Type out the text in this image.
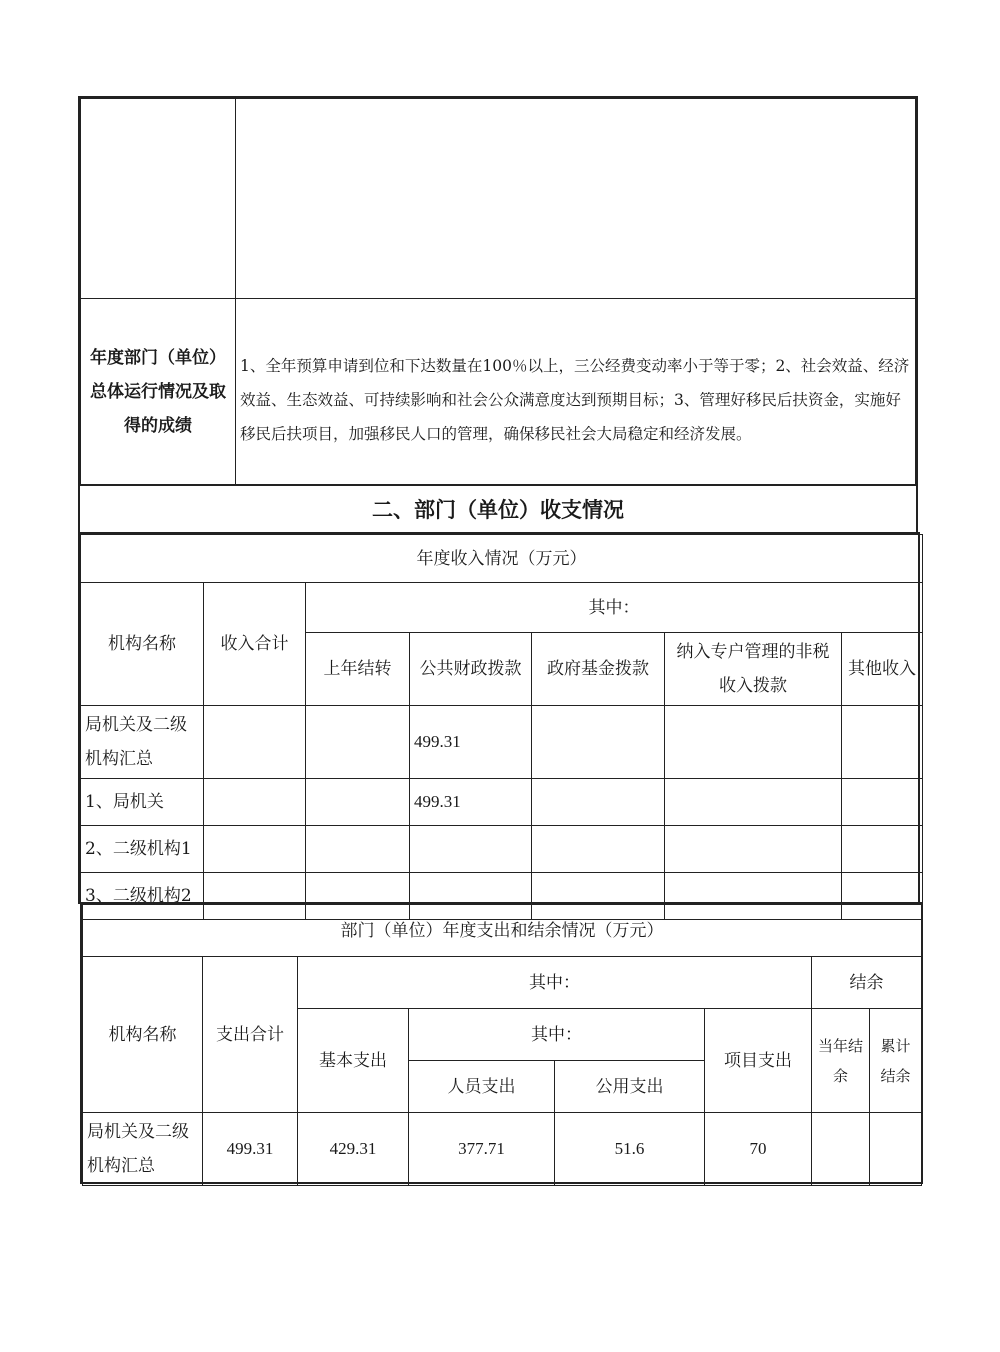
年度部门（单位）总体运行情况及取得的成绩	1、全年预算申请到位和下达数量在100％以上，三公经费变动率小于等于零；2、社会效益、经济效益、生态效益、可持续影响和社会公众满意度达到预期目标；3、管理好移民后扶资金，实施好移民后扶项目，加强移民人口的管理，确保移民社会大局稳定和经济发展。
二、部门（单位）收支情况
年度收入情况（万元）						
机构名称	收入合计	其中：				
		上年结转	公共财政拨款	政府基金拨款	纳入专户管理的非税收入拨款	其他收入
局机关及二级机构汇总			499.31			
1、局机关			499.31			
2、二级机构1						
3、二级机构2						
部门（单位）年度支出和结余情况（万元）							
机构名称	支出合计	其中：				结余	
		基本支出	其中：		项目支出	当年结余	累计结余
			人员支出	公用支出			
局机关及二级机构汇总	499.31	429.31	377.71	51.6	70		
